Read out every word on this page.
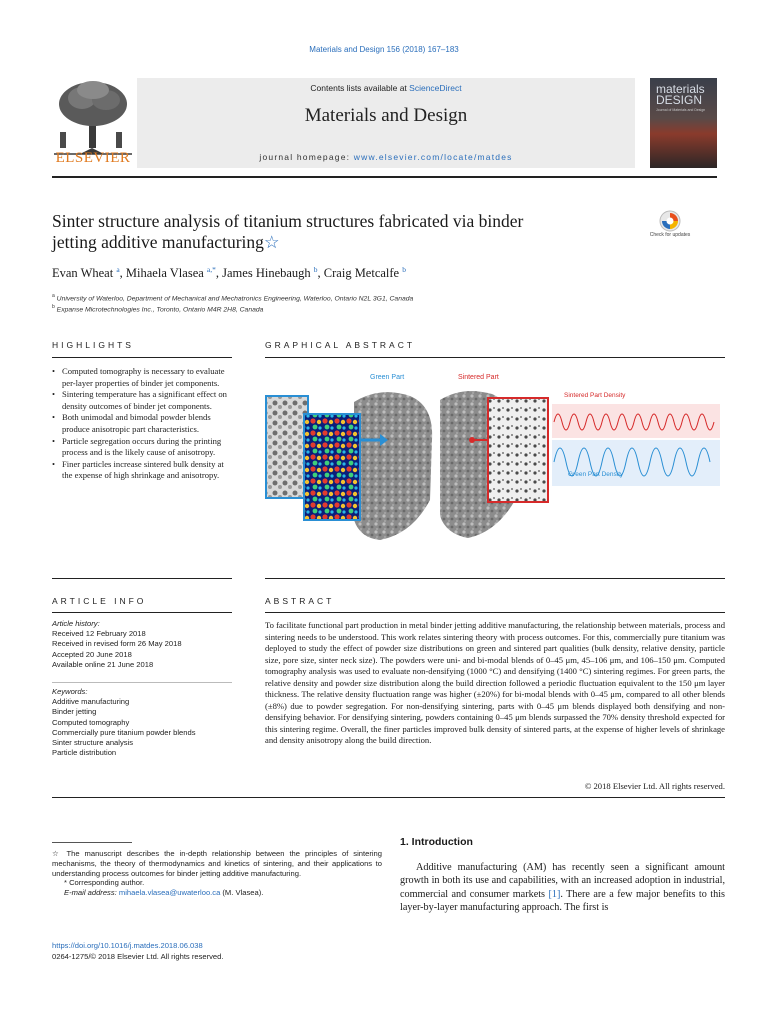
Materials and Design 156 (2018) 167–183
ELSEVIER
Contents lists available at ScienceDirect
Materials and Design
journal homepage: www.elsevier.com/locate/matdes
materials DESIGN
Journal of Materials and Design
Sinter structure analysis of titanium structures fabricated via binder jetting additive manufacturing☆	Check for updates
Evan Wheat $^a$, Mihaela Vlasea $^{a,*}$, James Hinebaugh $^b$, Craig Metcalfe $^b$
$^a$ University of Waterloo, Department of Mechanical and Mechatronics Engineering, Waterloo, Ontario N2L 3G1, Canada
$^b$ Expanse Microtechnologies Inc., Toronto, Ontario M4R 2H8, Canada
HIGHLIGHTS	GRAPHICAL ABSTRACT
• Computed tomography is necessary to evaluate per-layer properties of binder jet components.
• Sintering temperature has a significant effect on density outcomes of binder jet components.
• Both unimodal and bimodal powder blends produce anisotropic part characteristics.
• Particle segregation occurs during the printing process and is the likely cause of anisotropy.
• Finer particles increase sintered bulk density at the expense of high shrinkage and anisotropy.
Green Part	Sintered Part
Sintered Part Density
Green Part Density
ARTICLE INFO	ABSTRACT
Article history:
Received 12 February 2018
Received in revised form 26 May 2018
Accepted 20 June 2018
Available online 21 June 2018
Keywords:
Additive manufacturing
Binder jetting
Computed tomography
Commercially pure titanium powder blends
Sinter structure analysis
Particle distribution
To facilitate functional part production in metal binder jetting additive manufacturing, the relationship between materials, process and sintering needs to be understood. This work relates sintering theory with process outcomes. For this, commercially pure titanium was deployed to study the effect of powder size distributions on green and sintered part qualities (bulk density, relative density, particle size, pore size, sinter neck size). The powders were uni- and bi-modal blends of 0–45 μm, 45–106 μm, and 106–150 μm. Computed tomography analysis was used to evaluate non-densifying (1000 °C) and densifying (1400 °C) sintering regimes. For green parts, the relative density and powder size distribution along the build direction followed a periodic fluctuation equivalent to the 150 μm layer thickness. The relative density fluctuation range was higher (±20%) for bi-modal blends with 0–45 μm, compared to all other blends (±8%) due to powder segregation. For non-densifying sintering, parts with 0–45 μm blends displayed both densifying and non-densifying behavior. For densifying sintering, powders containing 0–45 μm blends surpassed the 70% density threshold expected for this sintering regime. Overall, the finer particles improved bulk density of sintered parts, at the expense of higher levels of shrinkage and density anisotropy along the build direction.
© 2018 Elsevier Ltd. All rights reserved.

☆ The manuscript describes the in-depth relationship between the principles of sintering mechanisms, the theory of thermodynamics and kinetics of sintering, and their applications to understanding process outcomes for binder jetting additive manufacturing.

* Corresponding author.

E-mail address: mihaela.vlasea@uwaterloo.ca (M. Vlasea).

https://doi.org/10.1016/j.matdes.2018.06.038
0264-1275/© 2018 Elsevier Ltd. All rights reserved.
1. Introduction
Additive manufacturing (AM) has recently seen a significant amount growth in both its use and capabilities, with an increased adoption in industrial, commercial and consumer markets [1]. There are a few major benefits to this layer-by-layer manufacturing approach. The first is
